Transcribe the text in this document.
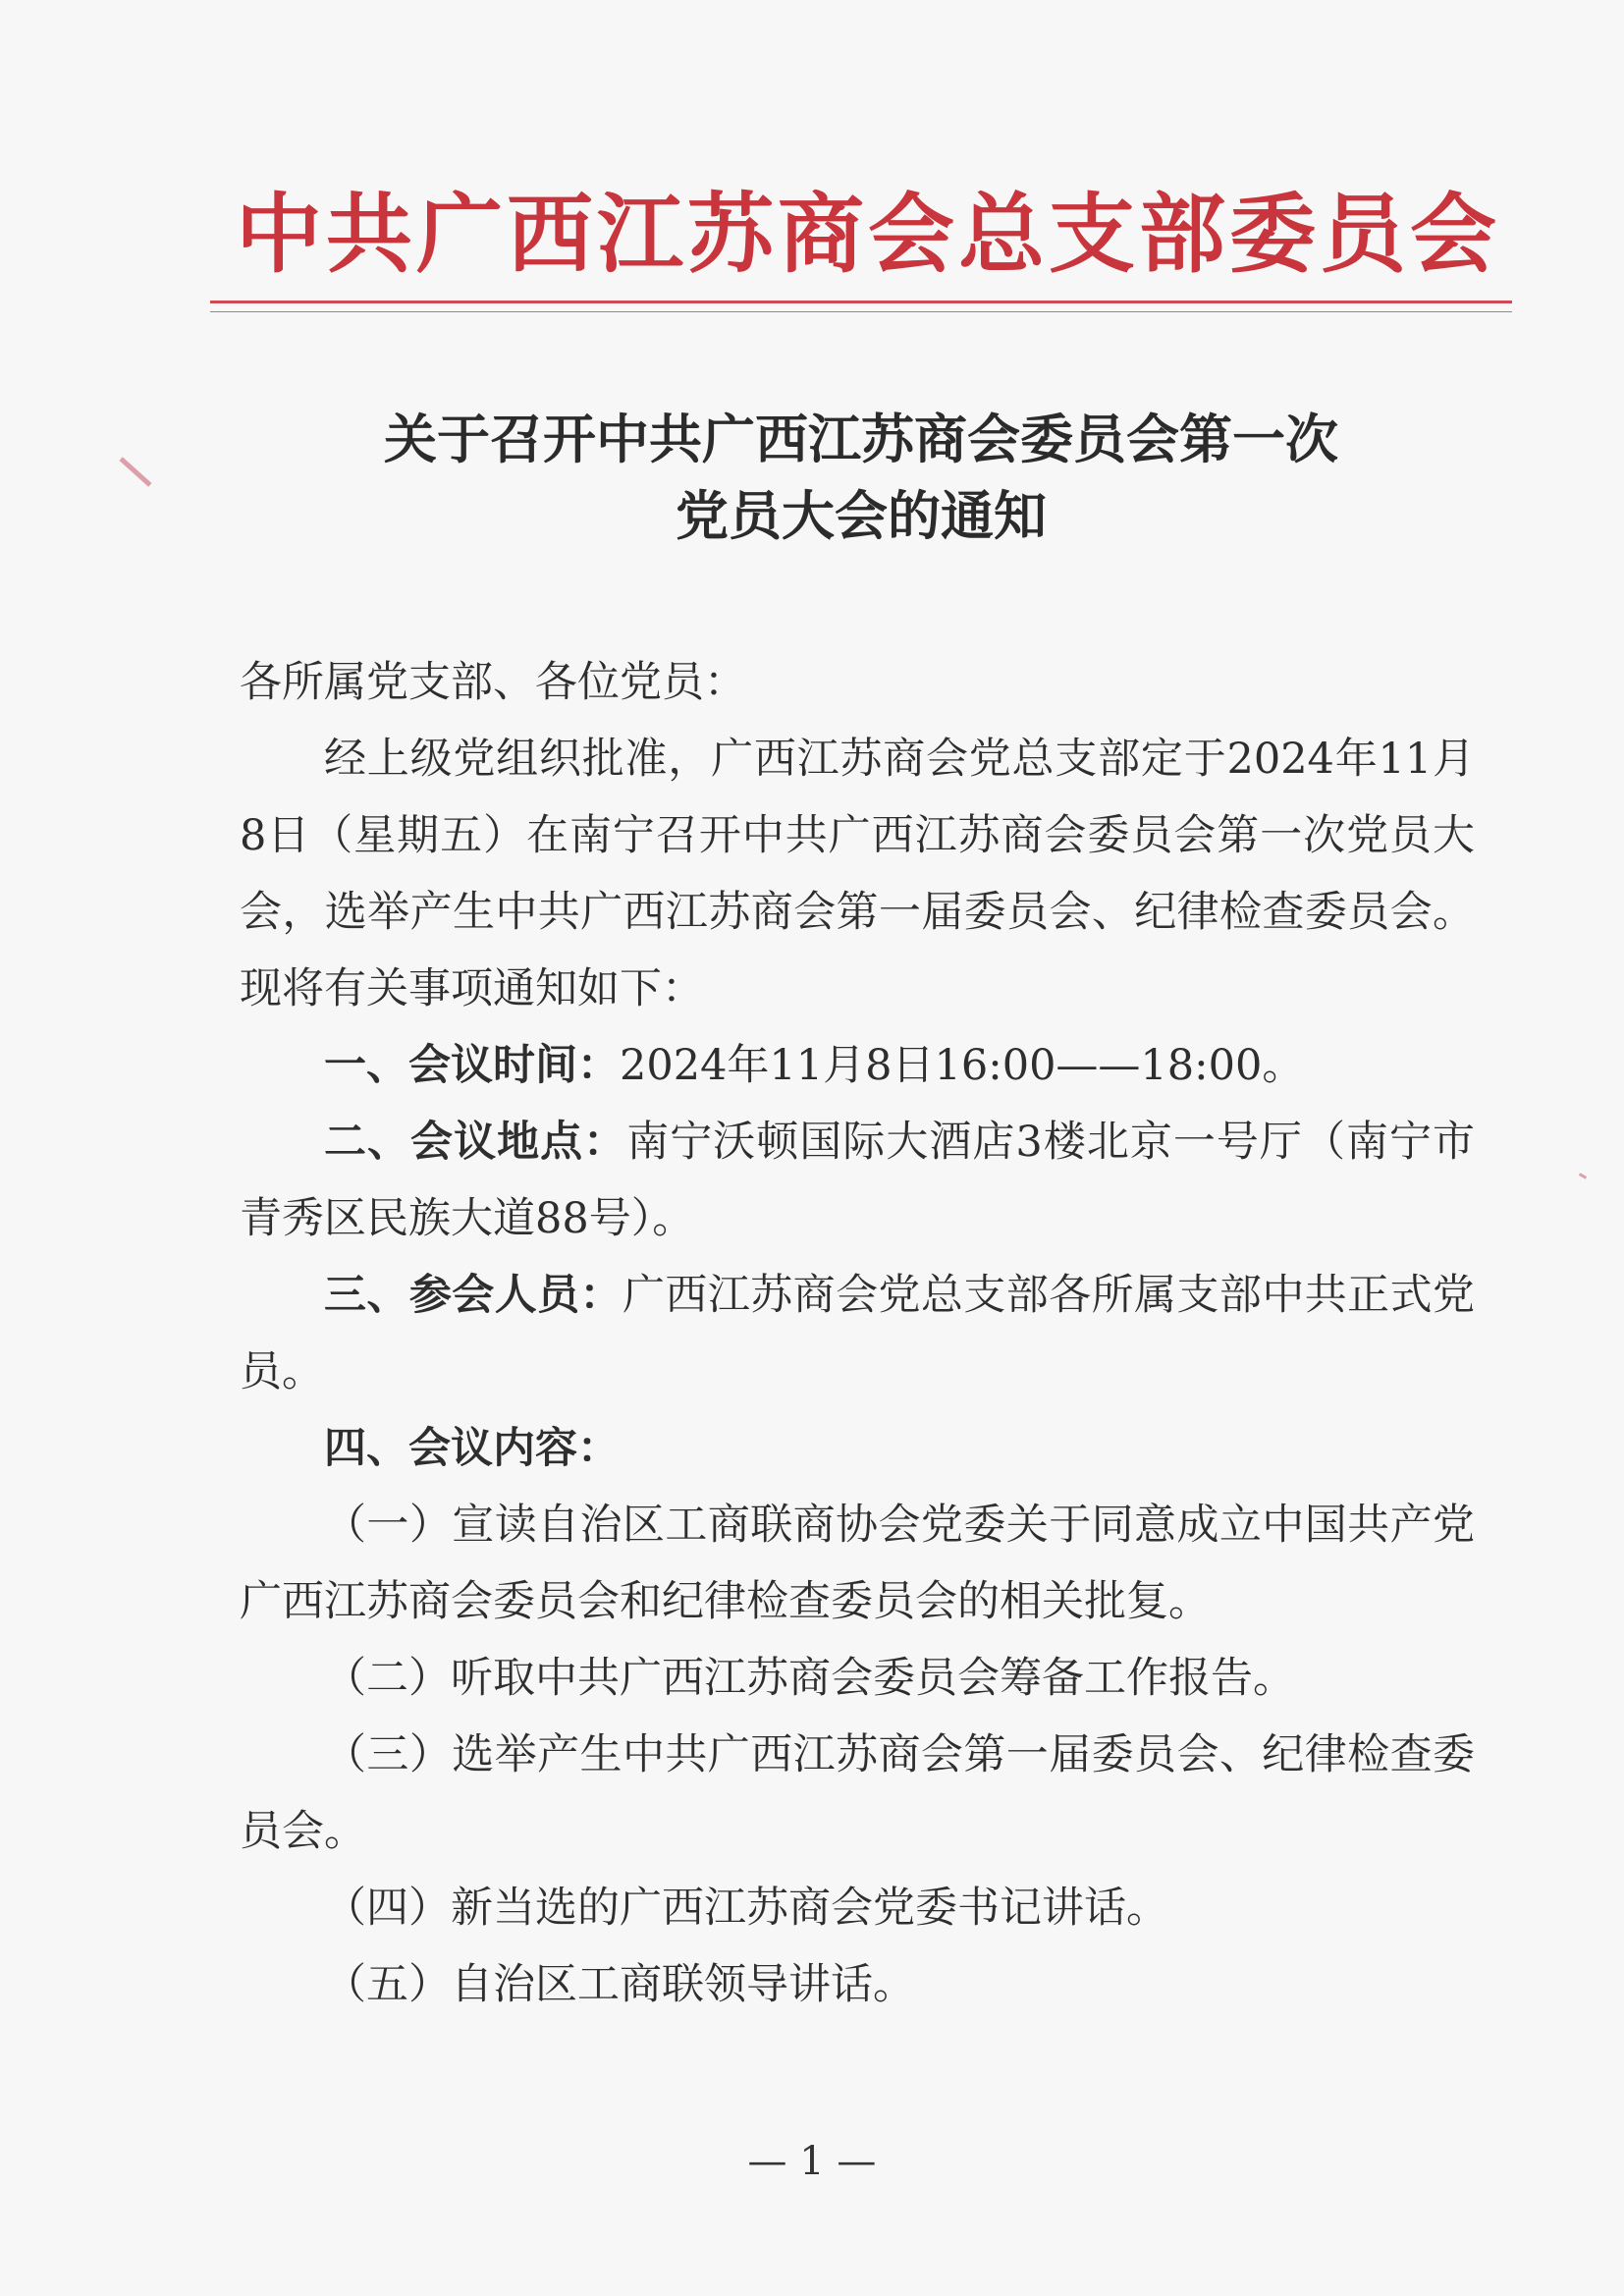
中共广西江苏商会总支部委员会
关于召开中共广西江苏商会委员会第一次
党员大会的通知

各所属党支部、各位党员：

经上级党组织批准，广西江苏商会党总支部定于2024年11月8日（星期五）在南宁召开中共广西江苏商会委员会第一次党员大会，选举产生中共广西江苏商会第一届委员会、纪律检查委员会。现将有关事项通知如下：

一、会议时间：2024年11月8日16:00——18:00。

二、会议地点：南宁沃顿国际大酒店3楼北京一号厅（南宁市青秀区民族大道88号）。

三、参会人员：广西江苏商会党总支部各所属支部中共正式党员。

四、会议内容：

（一）宣读自治区工商联商协会党委关于同意成立中国共产党广西江苏商会委员会和纪律检查委员会的相关批复。

（二）听取中共广西江苏商会委员会筹备工作报告。

（三）选举产生中共广西江苏商会第一届委员会、纪律检查委员会。

（四）新当选的广西江苏商会党委书记讲话。

（五）自治区工商联领导讲话。

— 1 —
